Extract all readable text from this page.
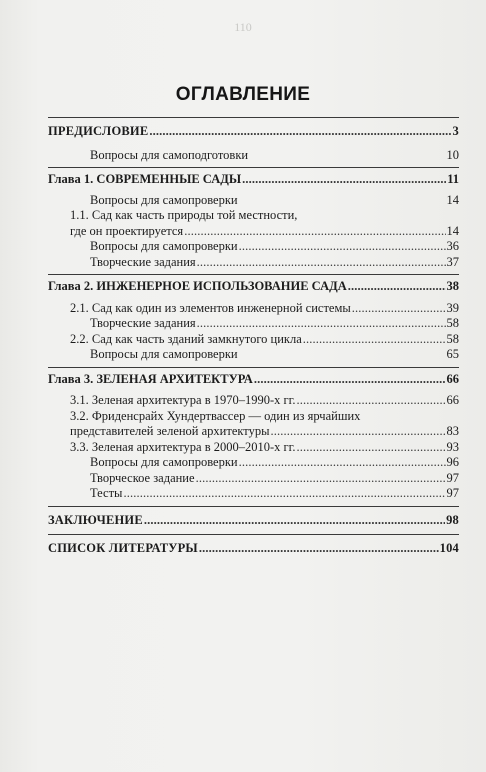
110
ОГЛАВЛЕНИЕ
ПРЕДИСЛОВИЕ . . .	3
Вопросы для самоподготовки	10
Глава 1. СОВРЕМЕННЫЕ САДЫ . . .	11
Вопросы для самопроверки	14
1.1. Сад как часть природы той местности,
где он проектируется . . .	14
Вопросы для самопроверки . . .	36
Творческие задания . . .	37
Глава 2. ИНЖЕНЕРНОЕ ИСПОЛЬЗОВАНИЕ САДА . . .	38
2.1. Сад как один из элементов инженерной системы . . .	39
Творческие задания . . .	58
2.2. Сад как часть зданий замкнутого цикла . . .	58
Вопросы для самопроверки	65
Глава 3. ЗЕЛЕНАЯ АРХИТЕКТУРА . . .	66
3.1. Зеленая архитектура в 1970–1990-х гг. . . .	66
3.2. Фриденсрайх Хундертвассер — один из ярчайших
представителей зеленой архитектуры . . .	83
3.3. Зеленая архитектура в 2000–2010-х гг. . . .	93
Вопросы для самопроверки . . .	96
Творческое задание . . .	97
Тесты . . .	97
ЗАКЛЮЧЕНИЕ . . .	98
СПИСОК ЛИТЕРАТУРЫ . . .	104
